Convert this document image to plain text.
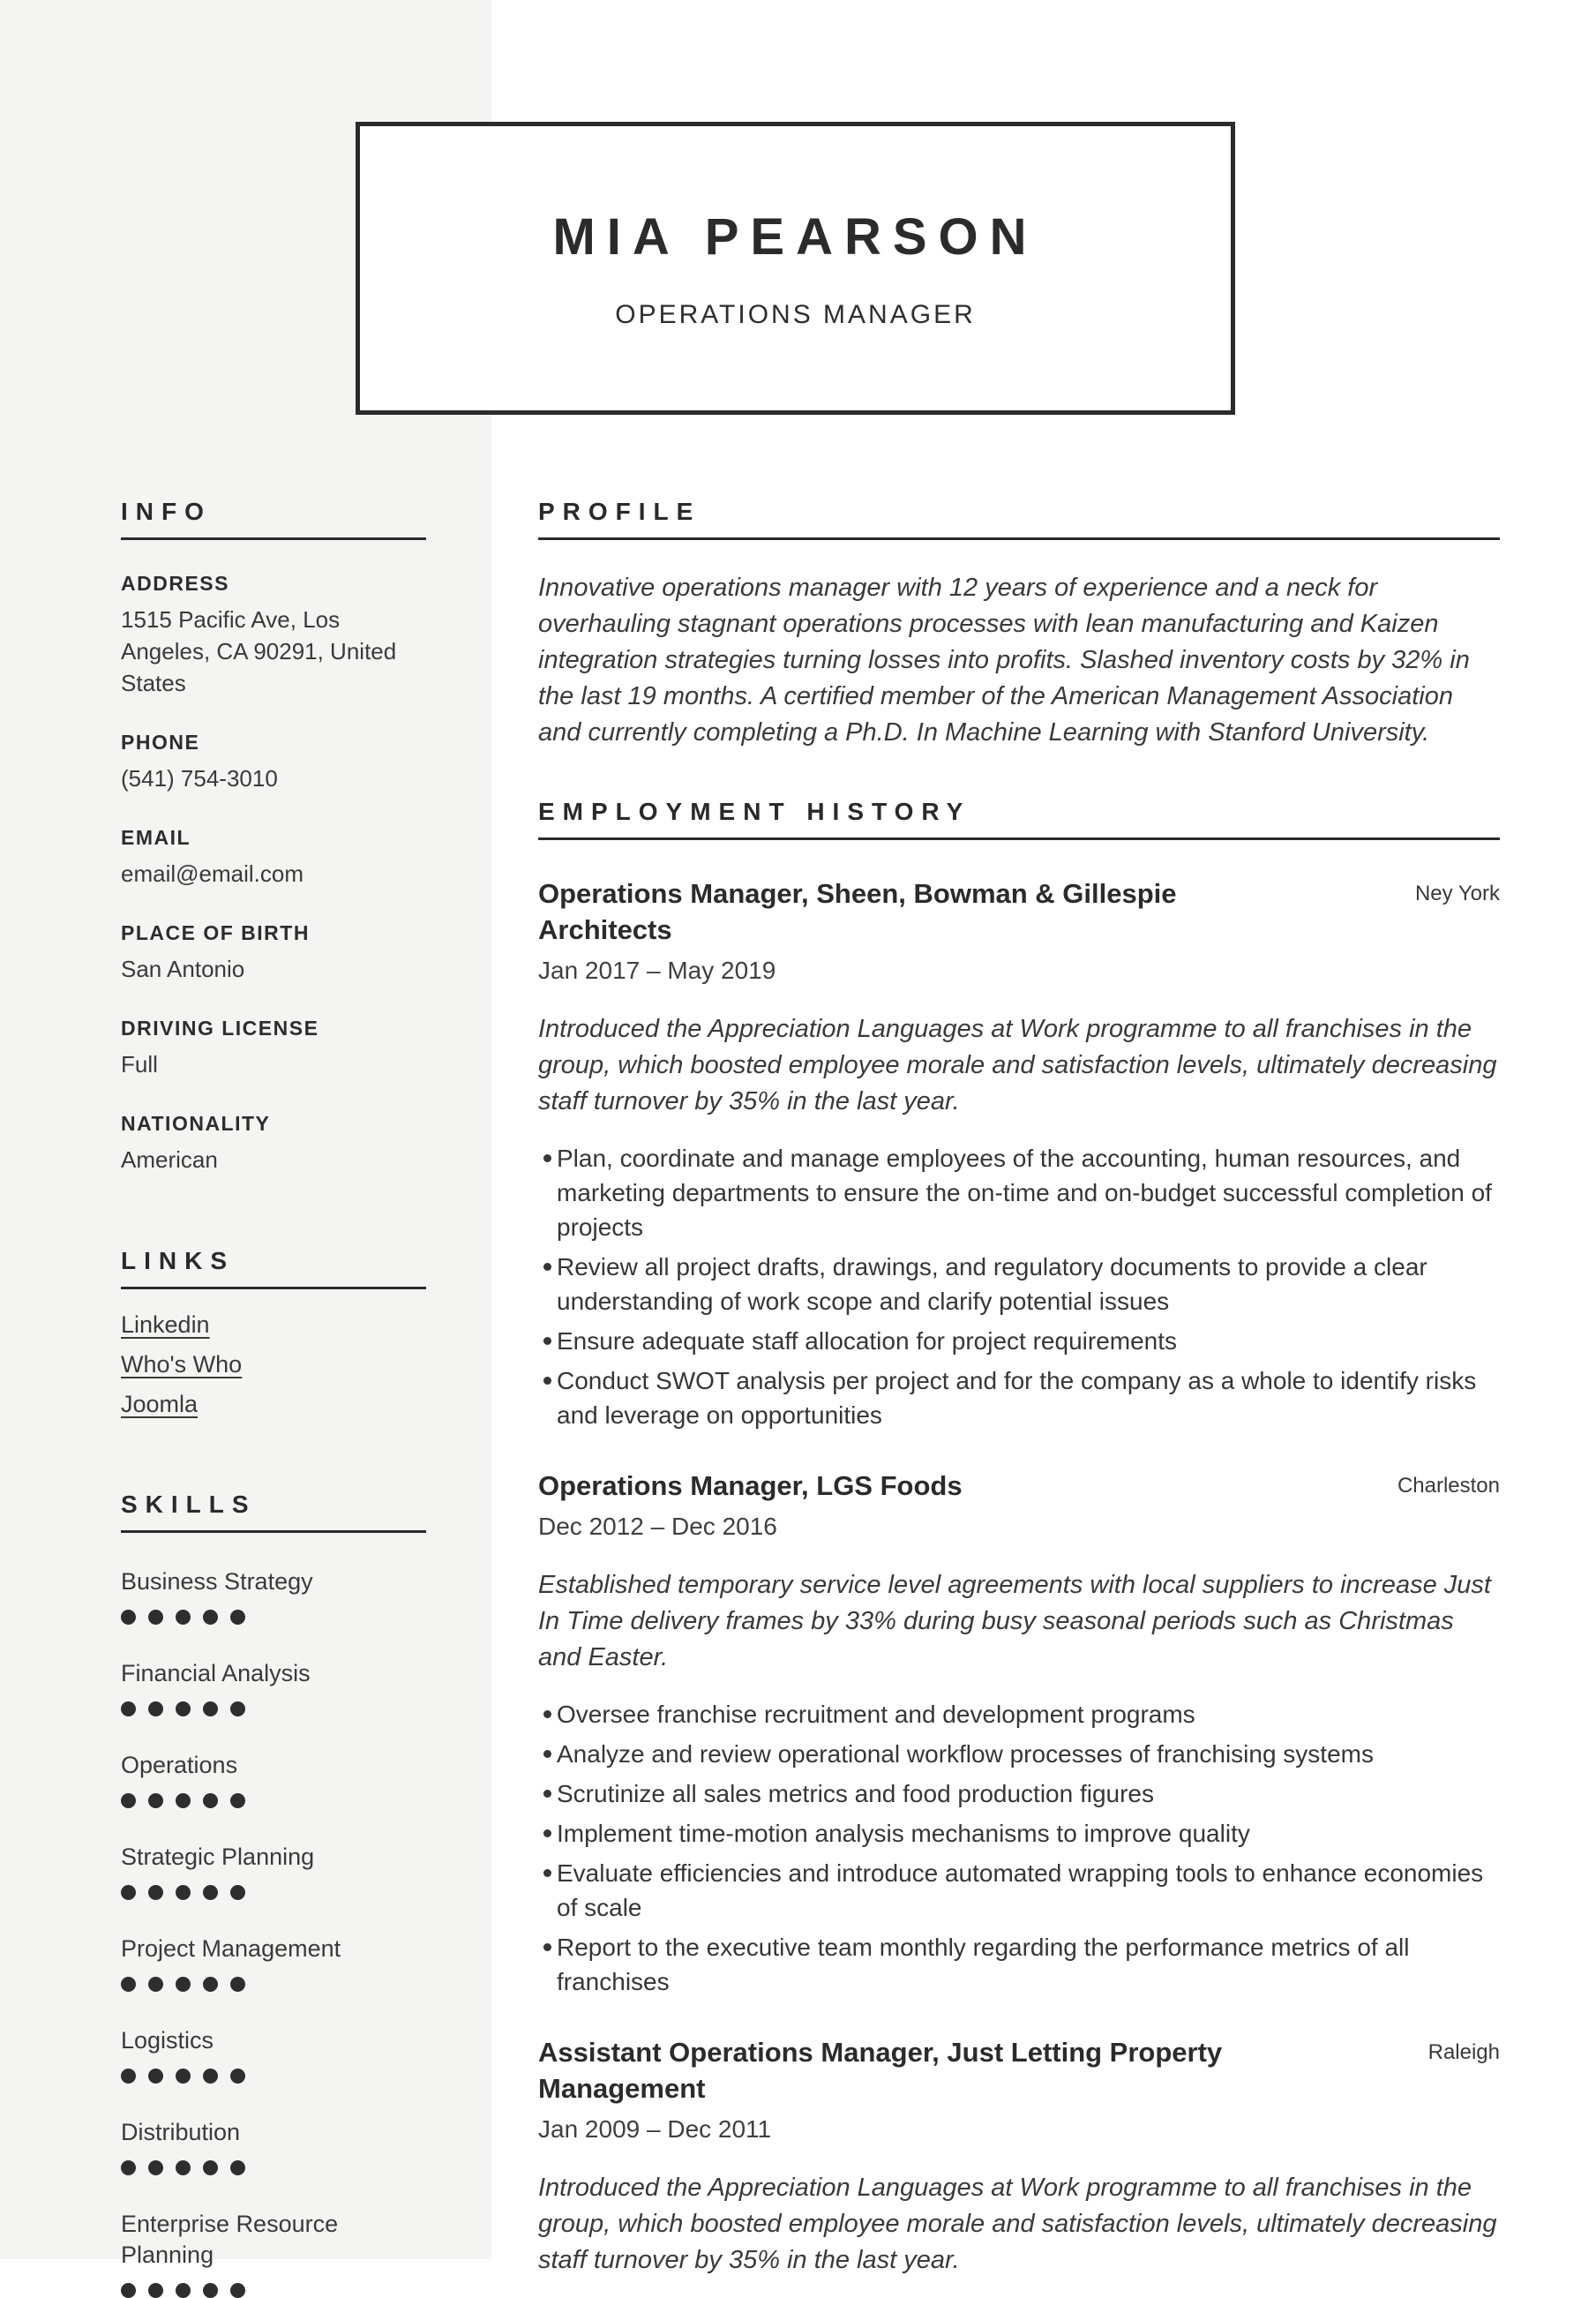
MIA PEARSON
OPERATIONS MANAGER
INFO
ADDRESS
1515 Pacific Ave, Los Angeles, CA 90291, United States
PHONE
(541) 754-3010
EMAIL
email@email.com
PLACE OF BIRTH
San Antonio
DRIVING LICENSE
Full
NATIONALITY
American
LINKS
Linkedin
Who's Who
Joomla
SKILLS
Business Strategy
Financial Analysis
Operations
Strategic Planning
Project Management
Logistics
Distribution
Enterprise Resource Planning
PROFILE

Innovative operations manager with 12 years of experience and a neck for overhauling stagnant operations processes with lean manufacturing and Kaizen integration strategies turning losses into profits. Slashed inventory costs by 32% in the last 19 months. A certified member of the American Management Association and currently completing a Ph.D. In Machine Learning with Stanford University.

EMPLOYMENT HISTORY
Operations Manager, Sheen, Bowman & Gillespie Architects
Ney York
Jan 2017 – May 2019

Introduced the Appreciation Languages at Work programme to all franchises in the group, which boosted employee morale and satisfaction levels, ultimately decreasing staff turnover by 35% in the last year.

Plan, coordinate and manage employees of the accounting, human resources, and marketing departments to ensure the on-time and on-budget successful completion of projects
Review all project drafts, drawings, and regulatory documents to provide a clear understanding of work scope and clarify potential issues
Ensure adequate staff allocation for project requirements
Conduct SWOT analysis per project and for the company as a whole to identify risks and leverage on opportunities
Operations Manager, LGS Foods	Charleston
Dec 2012 – Dec 2016

Established temporary service level agreements with local suppliers to increase Just In Time delivery frames by 33% during busy seasonal periods such as Christmas and Easter.

Oversee franchise recruitment and development programs
Analyze and review operational workflow processes of franchising systems
Scrutinize all sales metrics and food production figures
Implement time-motion analysis mechanisms to improve quality
Evaluate efficiencies and introduce automated wrapping tools to enhance economies of scale
Report to the executive team monthly regarding the performance metrics of all franchises
Assistant Operations Manager, Just Letting Property Management
Raleigh
Jan 2009 – Dec 2011

Introduced the Appreciation Languages at Work programme to all franchises in the group, which boosted employee morale and satisfaction levels, ultimately decreasing

staff turnover by 35% in the last year.
